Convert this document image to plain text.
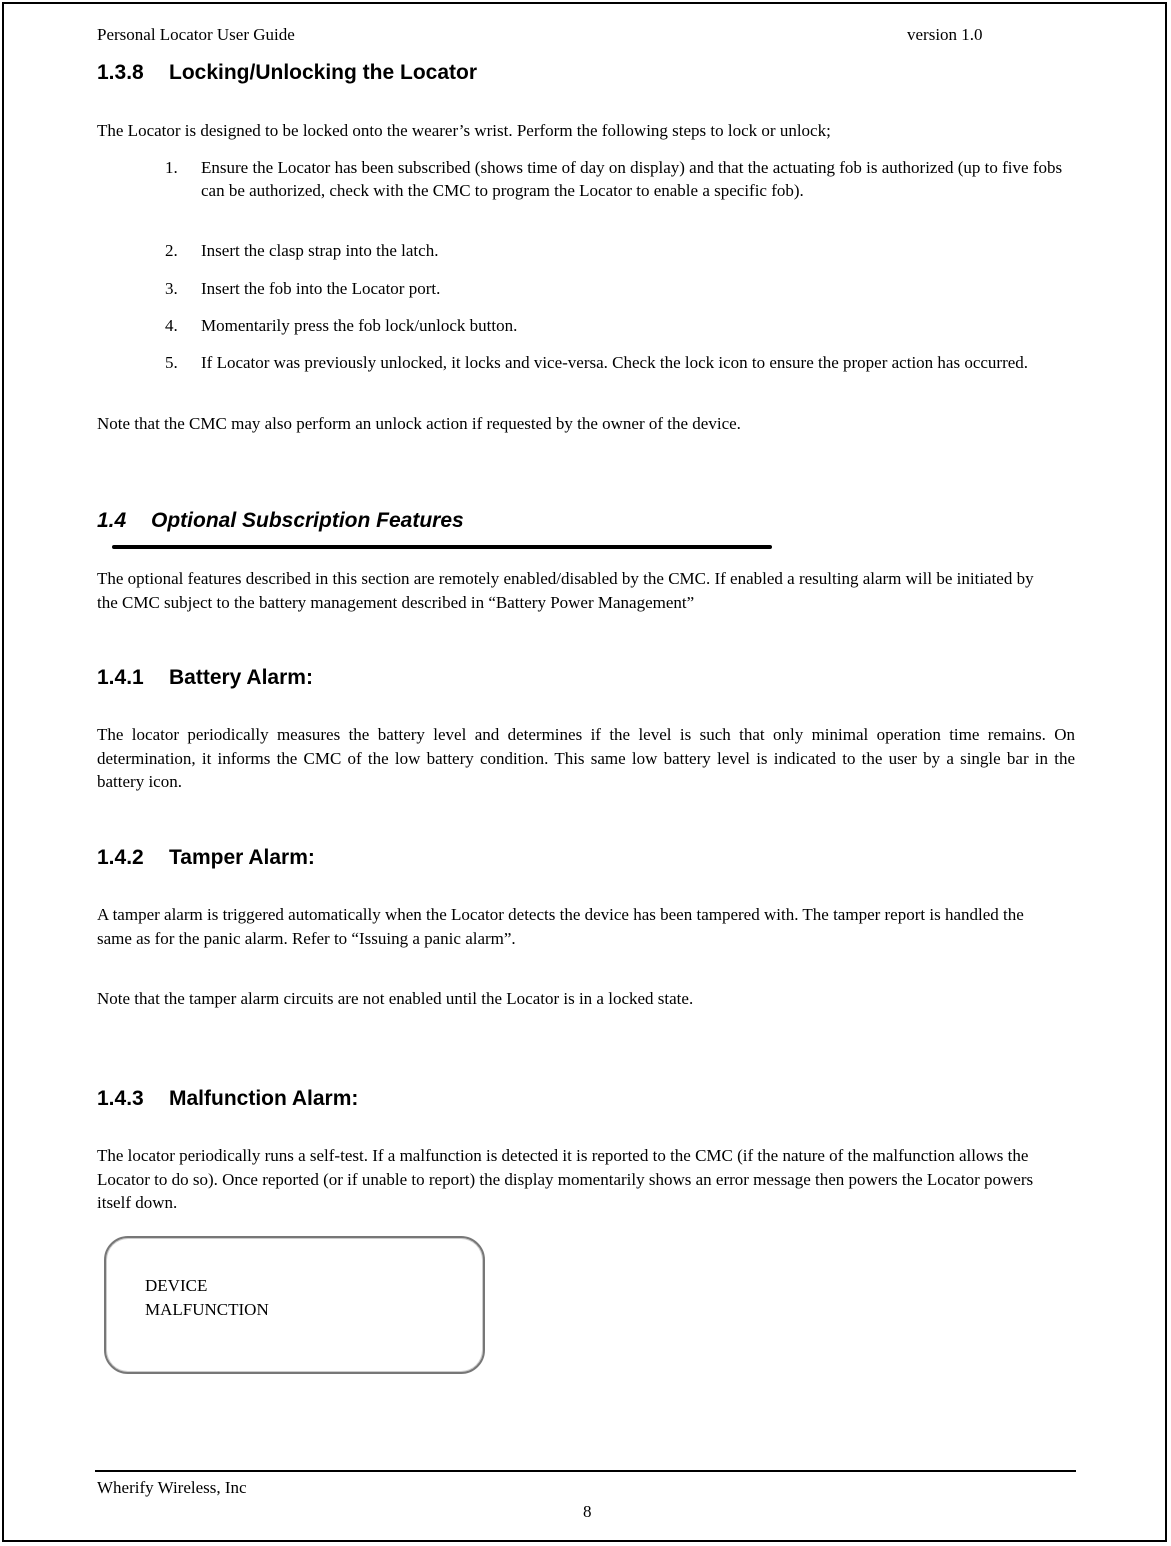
Personal Locator User Guide	version 1.0
1.3.8 Locking/Unlocking the Locator
The Locator is designed to be locked onto the wearer’s wrist. Perform the following steps to lock or unlock;
1. Ensure the Locator has been subscribed (shows time of day on display) and that the actuating fob is authorized (up to five fobs can be authorized, check with the CMC to program the Locator to enable a specific fob).
2. Insert the clasp strap into the latch.
3. Insert the fob into the Locator port.
4. Momentarily press the fob lock/unlock button.
5. If Locator was previously unlocked, it locks and vice-versa. Check the lock icon to ensure the proper action has occurred.
Note that the CMC may also perform an unlock action if requested by the owner of the device.
1.4 Optional Subscription Features
The optional features described in this section are remotely enabled/disabled by the CMC. If enabled a resulting alarm will be initiated by the CMC subject to the battery management described in “Battery Power Management”
1.4.1 Battery Alarm:
The locator periodically measures the battery level and determines if the level is such that only minimal operation time remains. On determination, it informs the CMC of the low battery condition. This same low battery level is indicated to the user by a single bar in the battery icon.
1.4.2 Tamper Alarm:
A tamper alarm is triggered automatically when the Locator detects the device has been tampered with. The tamper report is handled the same as for the panic alarm. Refer to “Issuing a panic alarm”.
Note that the tamper alarm circuits are not enabled until the Locator is in a locked state.
1.4.3 Malfunction Alarm:
The locator periodically runs a self-test. If a malfunction is detected it is reported to the CMC (if the nature of the malfunction allows the Locator to do so). Once reported (or if unable to report) the display momentarily shows an error message then powers the Locator powers itself down.
DEVICE
MALFUNCTION
Wherify Wireless, Inc
8
